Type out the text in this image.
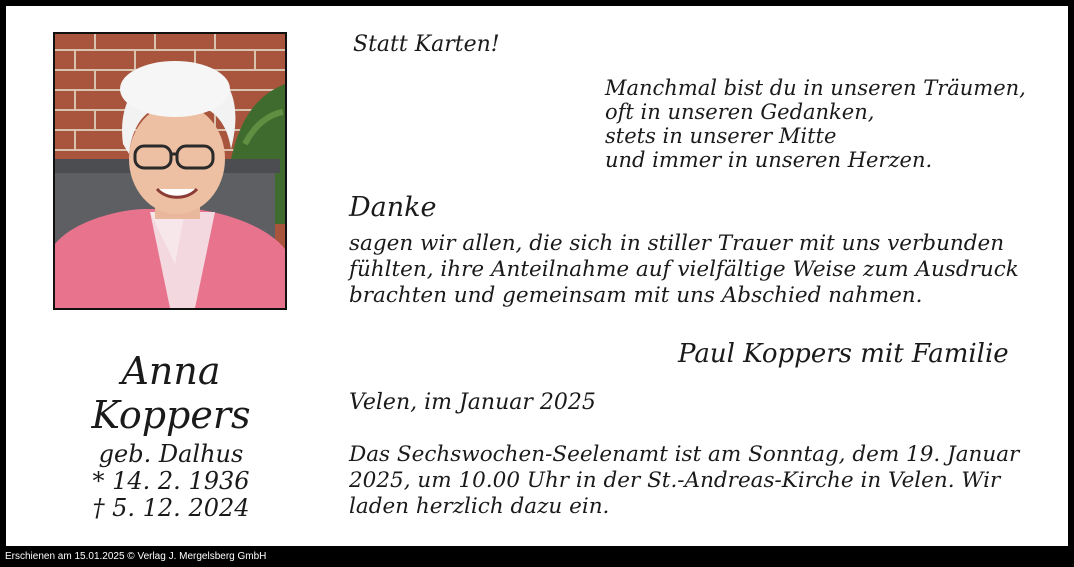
Anna

Koppers

geb. Dalhus

* 14. 2. 1936

† 5. 12. 2024

Statt Karten!

Manchmal bist du in unseren Träumen,
oft in unseren Gedanken,
stets in unserer Mitte
und immer in unseren Herzen.

Danke

sagen wir allen, die sich in stiller Trauer mit uns verbunden
fühlten, ihre Anteilnahme auf vielfältige Weise zum Ausdruck
brachten und gemeinsam mit uns Abschied nahmen.

Paul Koppers mit Familie

Velen, im Januar 2025

Das Sechswochen-Seelenamt ist am Sonntag, dem 19. Januar
2025, um 10.00 Uhr in der St.-Andreas-Kirche in Velen. Wir
laden herzlich dazu ein.
Erschienen am 15.01.2025 © Verlag J. Mergelsberg GmbH
